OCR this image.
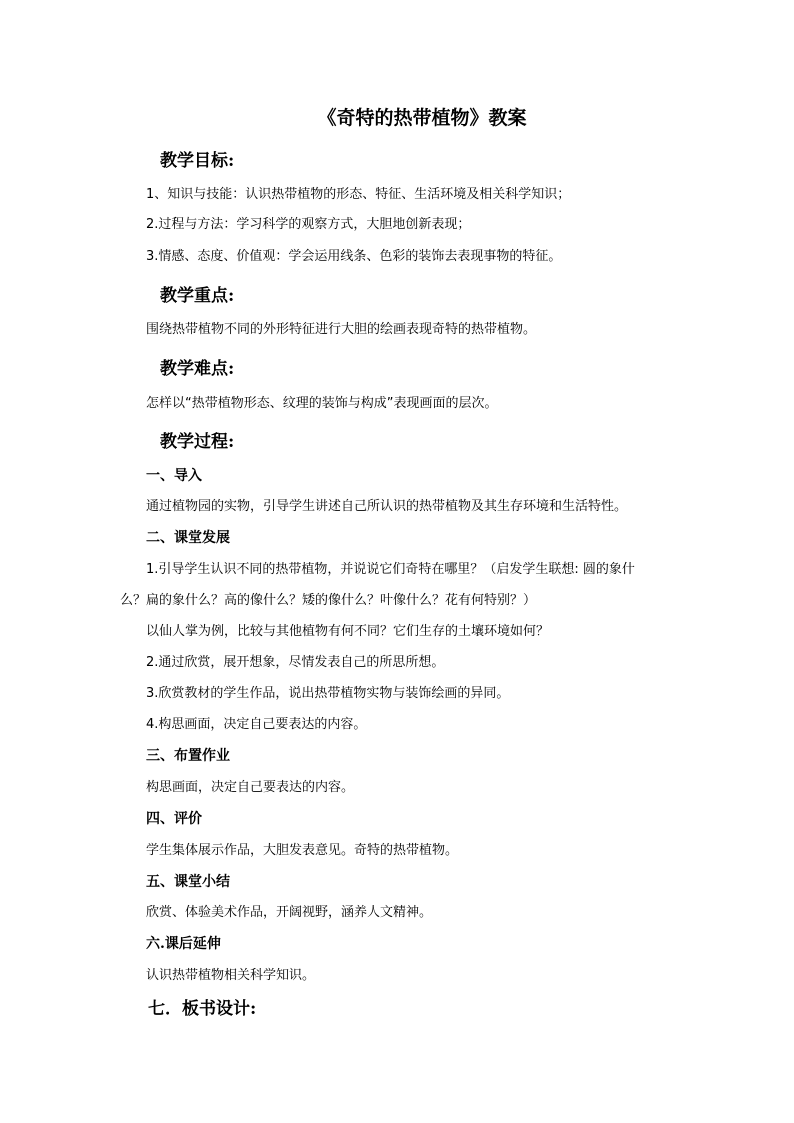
《奇特的热带植物》教案
教学目标:
1、知识与技能：认识热带植物的形态、特征、生活环境及相关科学知识；
2.过程与方法：学习科学的观察方式，大胆地创新表现；
3.情感、态度、价值观：学会运用线条、色彩的装饰去表现事物的特征。
教学重点:
围绕热带植物不同的外形特征进行大胆的绘画表现奇特的热带植物。
教学难点:
怎样以“热带植物形态、纹理的装饰与构成”表现画面的层次。
教学过程:
一、导入
通过植物园的实物，引导学生讲述自己所认识的热带植物及其生存环境和生活特性。
二、课堂发展
1.引导学生认识不同的热带植物，并说说它们奇特在哪里？（启发学生联想: 圆的象什
么？扁的象什么？高的像什么？矮的像什么？叶像什么？花有何特别？）
以仙人掌为例，比较与其他植物有何不同？它们生存的土壤环境如何？
2.通过欣赏，展开想象，尽情发表自己的所思所想。
3.欣赏教材的学生作品，说出热带植物实物与装饰绘画的异同。
4.构思画面，决定自己要表达的内容。
三、布置作业
构思画面，决定自己要表达的内容。
四、评价
学生集体展示作品，大胆发表意见。奇特的热带植物。
五、课堂小结
欣赏、体验美术作品，开阔视野，涵养人文精神。
六.课后延伸
认识热带植物相关科学知识。
七．板书设计:
